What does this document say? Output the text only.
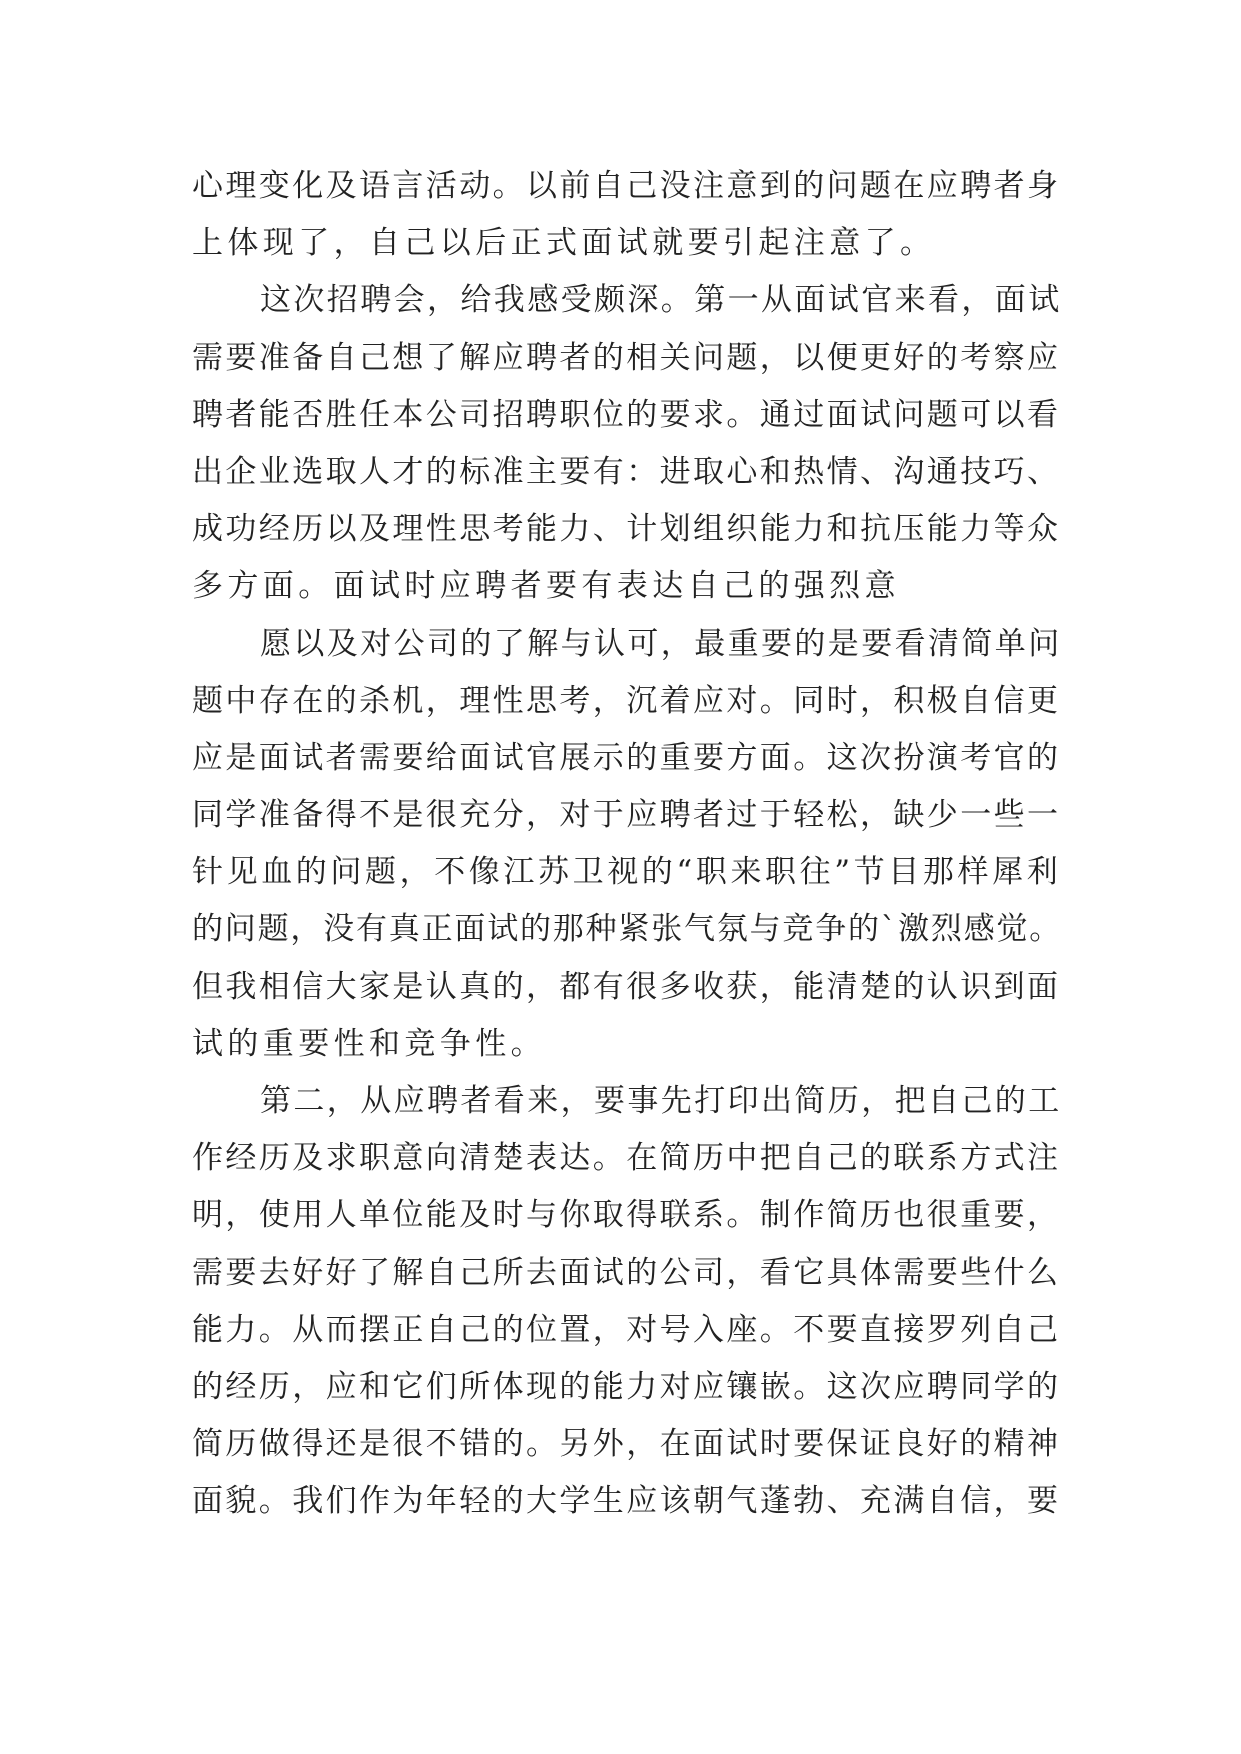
心理变化及语言活动。以前自己没注意到的问题在应聘者身
上体现了，自己以后正式面试就要引起注意了。
这次招聘会，给我感受颇深。第一从面试官来看，面试
需要准备自己想了解应聘者的相关问题，以便更好的考察应
聘者能否胜任本公司招聘职位的要求。通过面试问题可以看
出企业选取人才的标准主要有：进取心和热情、沟通技巧、
成功经历以及理性思考能力、计划组织能力和抗压能力等众
多方面。面试时应聘者要有表达自己的强烈意
愿以及对公司的了解与认可，最重要的是要看清简单问
题中存在的杀机，理性思考，沉着应对。同时，积极自信更
应是面试者需要给面试官展示的重要方面。这次扮演考官的
同学准备得不是很充分，对于应聘者过于轻松，缺少一些一
针见血的问题，不像江苏卫视的“职来职往”节目那样犀利
的问题，没有真正面试的那种紧张气氛与竞争的`激烈感觉。
但我相信大家是认真的，都有很多收获，能清楚的认识到面
试的重要性和竞争性。
第二，从应聘者看来，要事先打印出简历，把自己的工
作经历及求职意向清楚表达。在简历中把自己的联系方式注
明，使用人单位能及时与你取得联系。制作简历也很重要，
需要去好好了解自己所去面试的公司，看它具体需要些什么
能力。从而摆正自己的位置，对号入座。不要直接罗列自己
的经历，应和它们所体现的能力对应镶嵌。这次应聘同学的
简历做得还是很不错的。另外，在面试时要保证良好的精神
面貌。我们作为年轻的大学生应该朝气蓬勃、充满自信，要
